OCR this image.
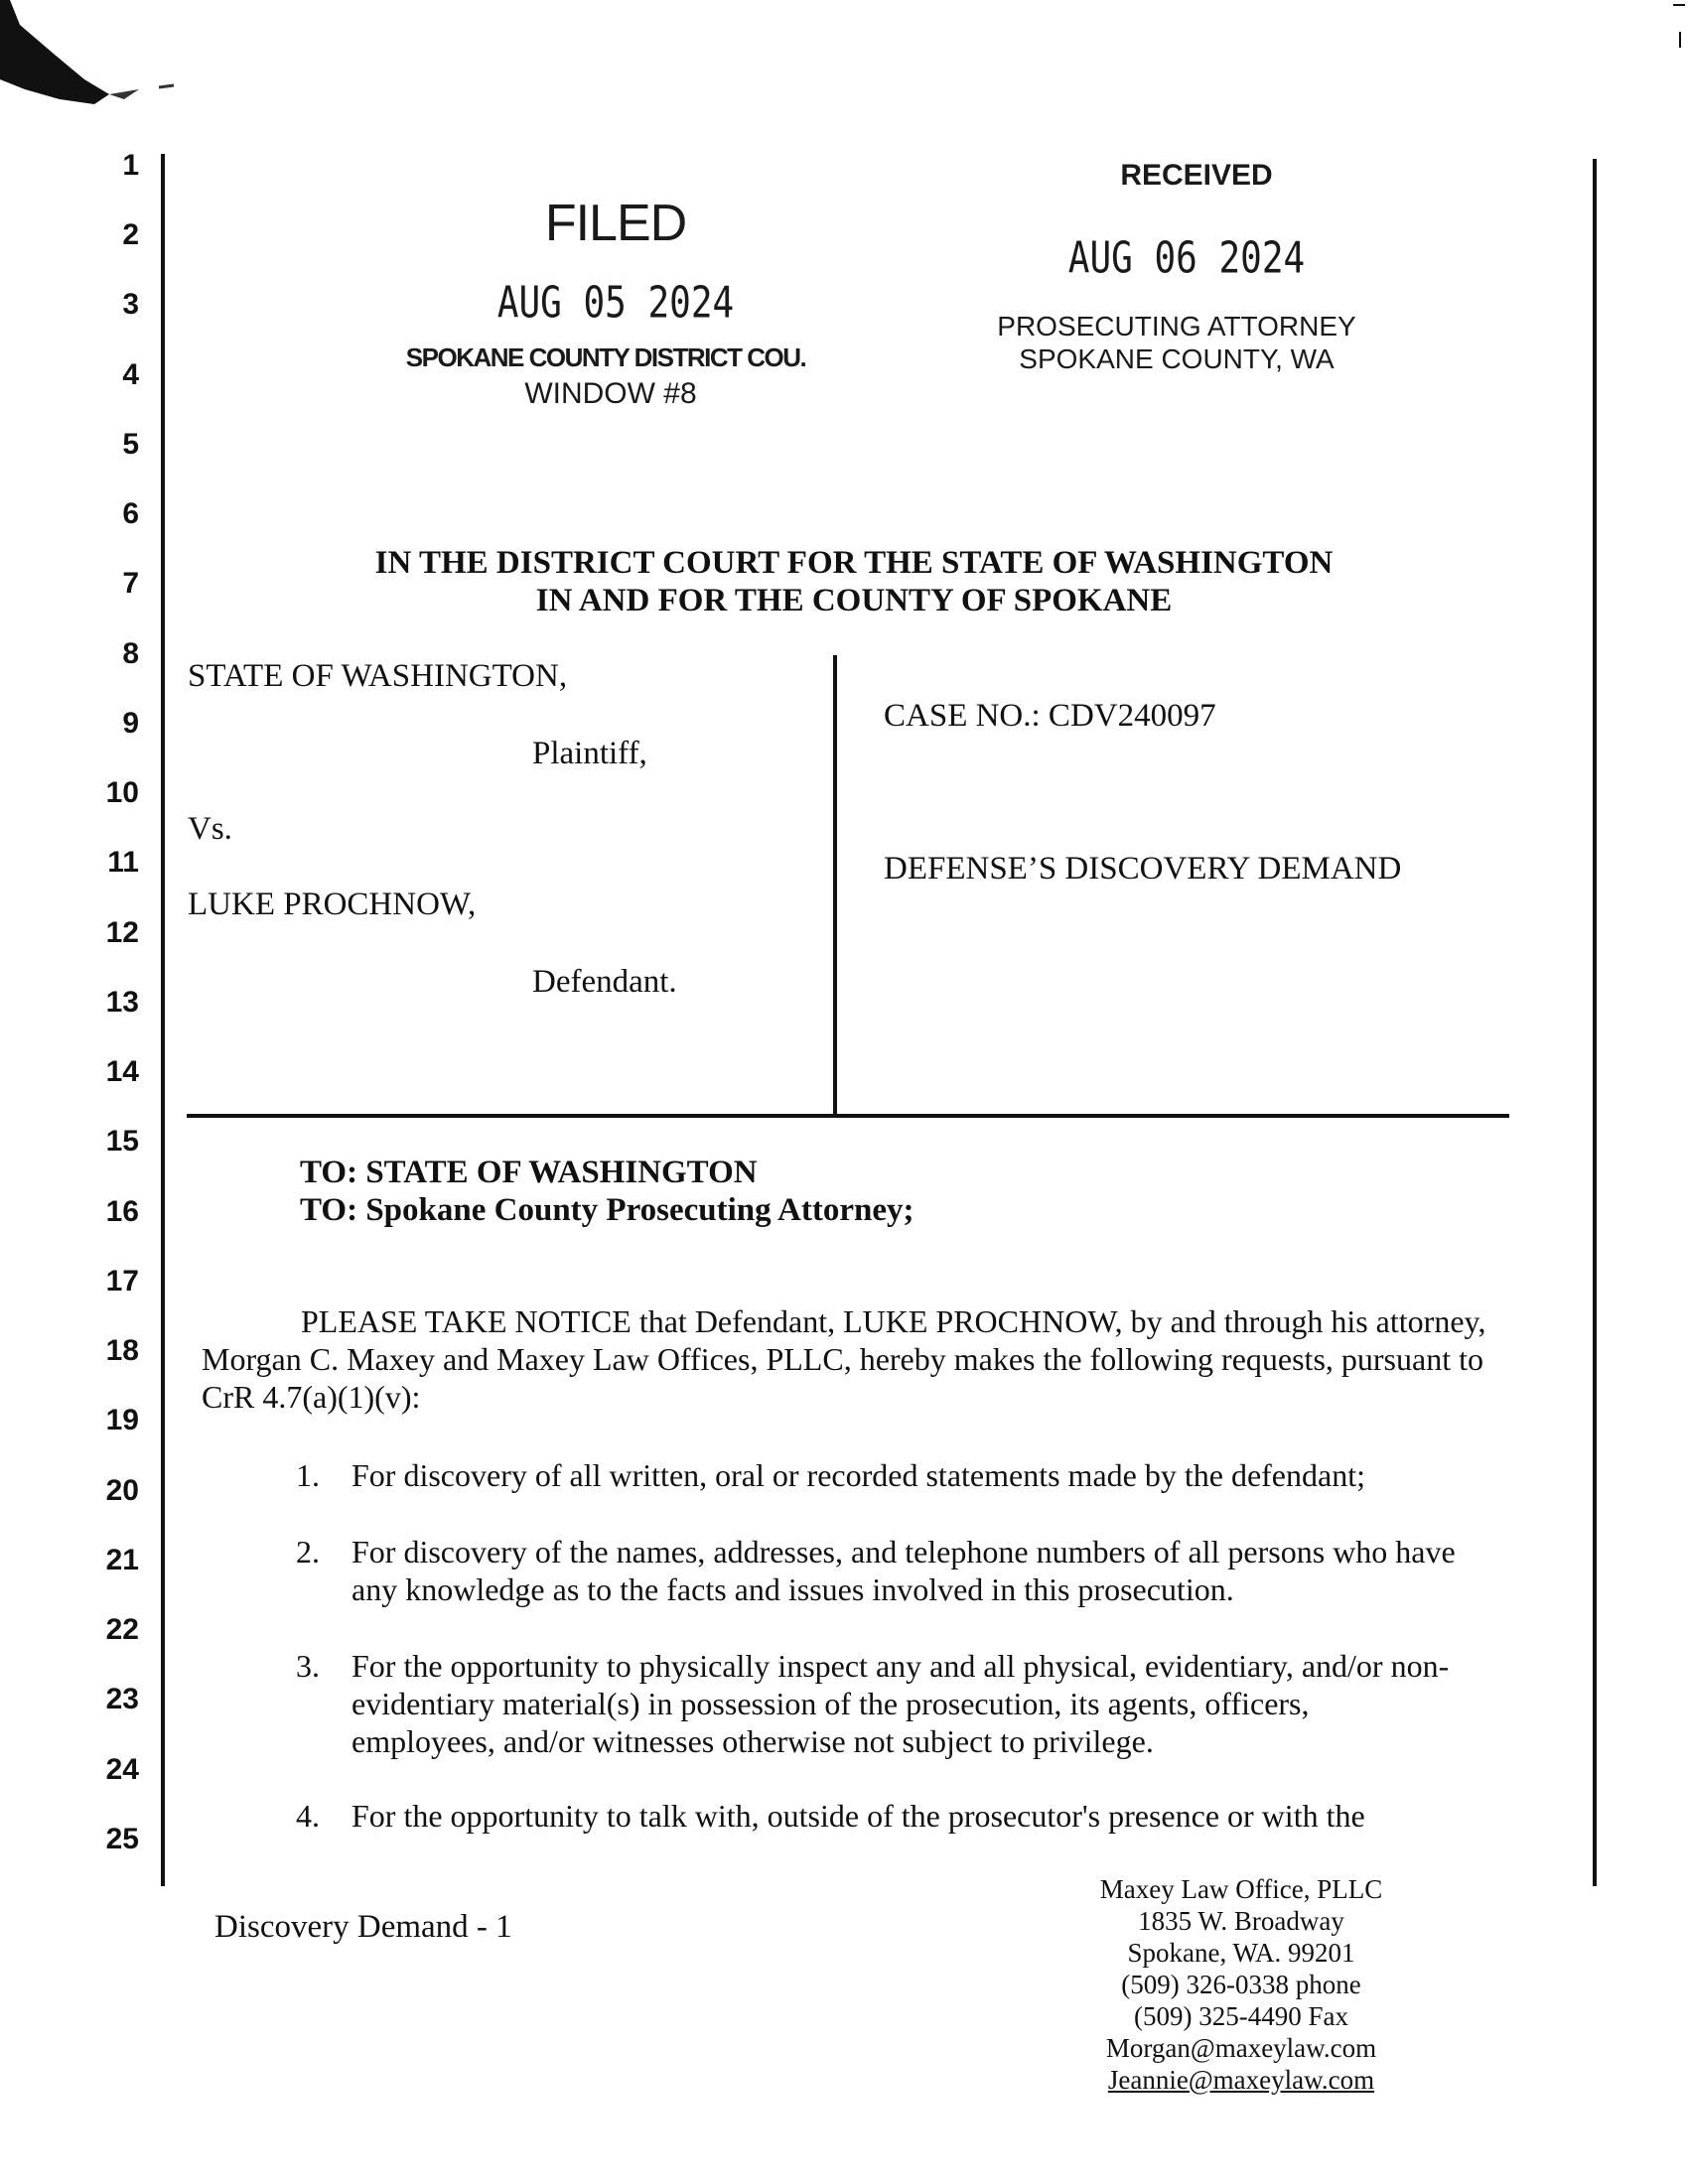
1
2
3
4
5
6
7
8
9
10
11
12
13
14
15
16
17
18
19
20
21
22
23
24
25
FILED
AUG 05 2024
SPOKANE COUNTY DISTRICT COU.
WINDOW #8
RECEIVED
AUG 06 2024
PROSECUTING ATTORNEY
SPOKANE COUNTY, WA
IN THE DISTRICT COURT FOR THE STATE OF WASHINGTON
IN AND FOR THE COUNTY OF SPOKANE
STATE OF WASHINGTON,
Plaintiff,
Vs.
LUKE PROCHNOW,
Defendant.
CASE NO.: CDV240097
DEFENSE’S DISCOVERY DEMAND
TO: STATE OF WASHINGTON
TO: Spokane County Prosecuting Attorney;
PLEASE TAKE NOTICE that Defendant, LUKE PROCHNOW, by and through his attorney, Morgan C. Maxey and Maxey Law Offices, PLLC, hereby makes the following requests, pursuant to CrR 4.7(a)(1)(v):
1.	For discovery of all written, oral or recorded statements made by the defendant;
2.	For discovery of the names, addresses, and telephone numbers of all persons who have any knowledge as to the facts and issues involved in this prosecution.
3.	For the opportunity to physically inspect any and all physical, evidentiary, and/or non-evidentiary material(s) in possession of the prosecution, its agents, officers, employees, and/or witnesses otherwise not subject to privilege.
4.	For the opportunity to talk with, outside of the prosecutor's presence or with the
Discovery Demand - 1
Maxey Law Office, PLLC
1835 W. Broadway
Spokane, WA. 99201
(509) 326-0338 phone
(509) 325-4490 Fax
Morgan@maxeylaw.com
Jeannie@maxeylaw.com
